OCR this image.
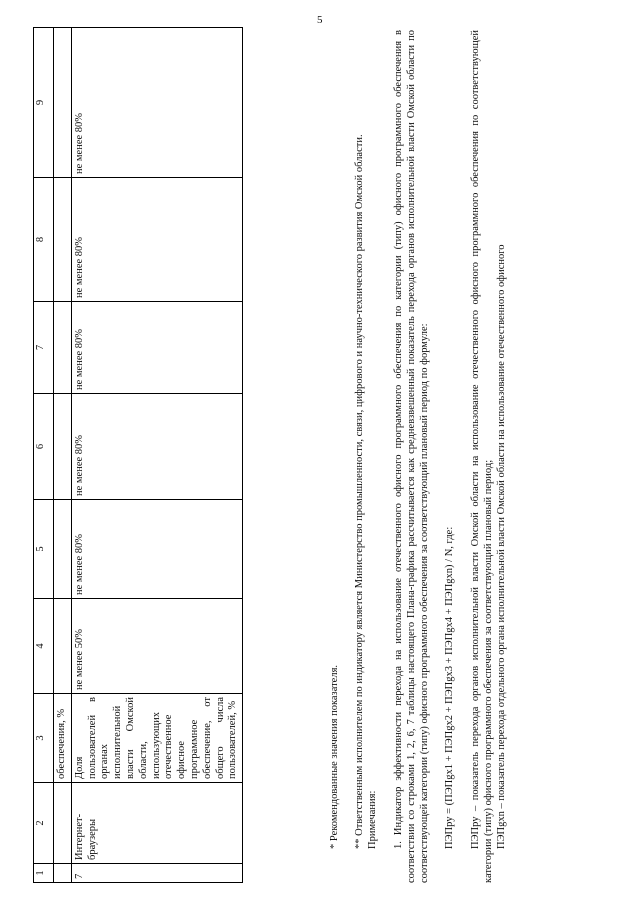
5
1	2	3	4	5	6	7	8	9
		обеспечения, %						
7	Интернет-браузеры	Доля пользователей в органах исполнительной власти Омской области, использующих отечественное офисное программное обеспечение, от общего числа пользователей, %	не менее 50%	не менее 80%	не менее 80%	не менее 80%	не менее 80%	не менее 80%

* Рекомендованные значения показателя. ** Ответственным исполнителем по индикатору является Министерство промышленности, связи, цифрового и научно-технического развития Омской области. Примечания: 1. Индикатор эффективности перехода на использование отечественного офисного программного обеспечения по категории (типу) офисного программного обеспечения в соответствии со строками 1, 2, 6, 7 таблицы настоящего Плана-графика рассчитывается как средневзвешенный показатель перехода органов исполнительной власти Омской области по соответствующей категории (типу) офисного программного обеспечения за соответствующий плановый период по формуле: ПЭПру = (ПЭПgx1 + ПЭПgx2 + ПЭПgx3 + ПЭПgx4 + ПЭПgxn) / N, где: ПЭПру – показатель перехода органов исполнительной власти Омской области на использование отечественного офисного программного обеспечения по соответствующей категории (типу) офисного программного обеспечения за соответствующий плановый период; ПЭПgxn – показатель перехода отдельного органа исполнительной власти Омской области на использование отечественного офисного
